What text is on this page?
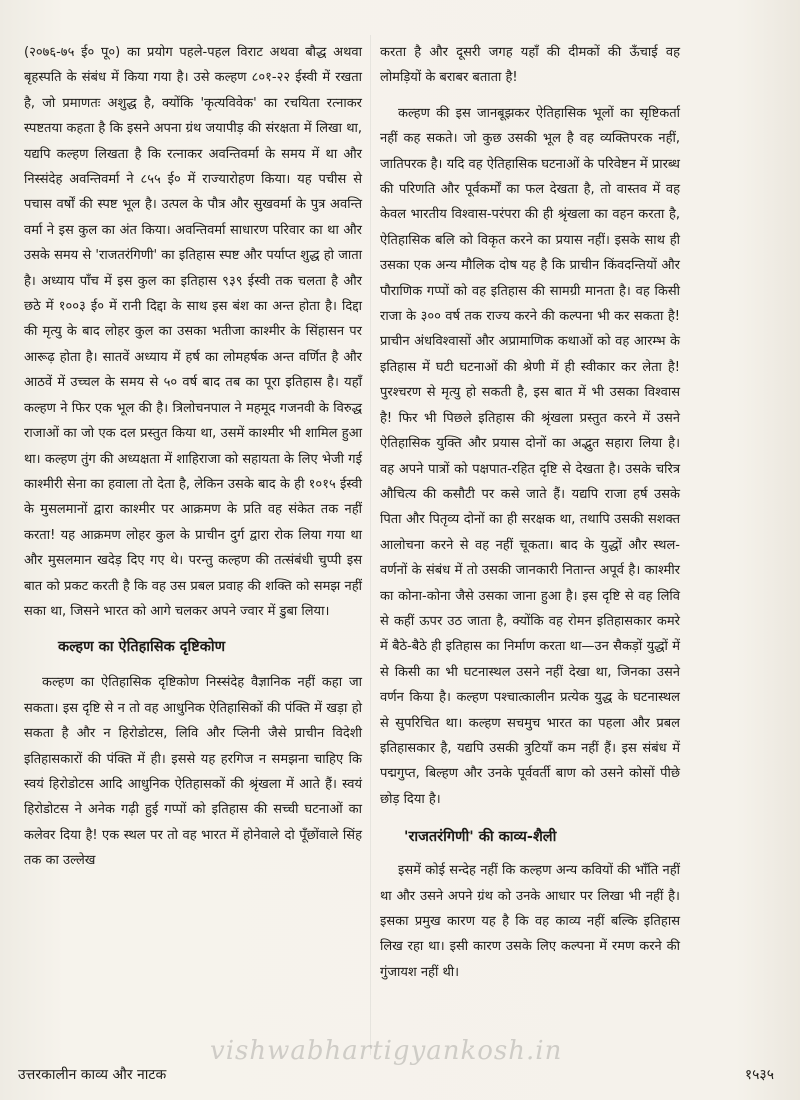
(२०७६-७५ ई० पू०) का प्रयोग पहले-पहल विराट अथवा बौद्ध अथवा बृहस्पति के संबंध में किया गया है। उसे कल्हण ८०१-२२ ईस्वी में रखता है, जो प्रमाणतः अशुद्ध है, क्योंकि 'कृत्यविवेक' का रचयिता रत्नाकर स्पष्टतया कहता है कि इसने अपना ग्रंथ जयापीड़ की संरक्षता में लिखा था, यद्यपि कल्हण लिखता है कि रत्नाकर अवन्तिवर्मा के समय में था और निस्संदेह अवन्तिवर्मा ने ८५५ ई० में राज्यारोहण किया। यह पचीस से पचास वर्षों की स्पष्ट भूल है। उत्पल के पौत्र और सुखवर्मा के पुत्र अवन्ति वर्मा ने इस कुल का अंत किया। अवन्तिवर्मा साधारण परिवार का था और उसके समय से 'राजतरंगिणी' का इतिहास स्पष्ट और पर्याप्त शुद्ध हो जाता है। अध्याय पाँच में इस कुल का इतिहास ९३९ ईस्वी तक चलता है और छठे में १००३ ई० में रानी दिद्दा के साथ इस बंश का अन्त होता है। दिद्दा की मृत्यु के बाद लोहर कुल का उसका भतीजा काश्मीर के सिंहासन पर आरूढ़ होता है। सातवें अध्याय में हर्ष का लोमहर्षक अन्त वर्णित है और आठवें में उच्चल के समय से ५० वर्ष बाद तब का पूरा इतिहास है। यहाँ कल्हण ने फिर एक भूल की है। त्रिलोचनपाल ने महमूद गजनवी के विरुद्ध राजाओं का जो एक दल प्रस्तुत किया था, उसमें काश्मीर भी शामिल हुआ था। कल्हण तुंग की अध्यक्षता में शाहिराजा को सहायता के लिए भेजी गई काश्मीरी सेना का हवाला तो देता है, लेकिन उसके बाद के ही १०१५ ईस्वी के मुसलमानों द्वारा काश्मीर पर आक्रमण के प्रति वह संकेत तक नहीं करता! यह आक्रमण लोहर कुल के प्राचीन दुर्ग द्वारा रोक लिया गया था और मुसलमान खदेड़ दिए गए थे। परन्तु कल्हण की तत्संबंधी चुप्पी इस बात को प्रकट करती है कि वह उस प्रबल प्रवाह की शक्ति को समझ नहीं सका था, जिसने भारत को आगे चलकर अपने ज्वार में डुबा लिया।

कल्हण का ऐतिहासिक दृष्टिकोण

कल्हण का ऐतिहासिक दृष्टिकोण निस्संदेह वैज्ञानिक नहीं कहा जा सकता। इस दृष्टि से न तो वह आधुनिक ऐतिहासिकों की पंक्ति में खड़ा हो सकता है और न हिरोडोटस, लिवि और प्लिनी जैसे प्राचीन विदेशी इतिहासकारों की पंक्ति में ही। इससे यह हरगिज न समझना चाहिए कि स्वयं हिरोडोटस आदि आधुनिक ऐतिहासकों की श्रृंखला में आते हैं। स्वयं हिरोडोटस ने अनेक गढ़ी हुई गप्पों को इतिहास की सच्ची घटनाओं का कलेवर दिया है! एक स्थल पर तो वह भारत में होनेवाले दो पूँछोंवाले सिंह तक का उल्लेख

करता है और दूसरी जगह यहाँ की दीमकों की ऊँचाई वह लोमड़ियों के बराबर बताता है!

कल्हण की इस जानबूझकर ऐतिहासिक भूलों का सृष्टिकर्ता नहीं कह सकते। जो कुछ उसकी भूल है वह व्यक्तिपरक नहीं, जातिपरक है। यदि वह ऐतिहासिक घटनाओं के परिवेष्टन में प्रारब्ध की परिणति और पूर्वकर्मों का फल देखता है, तो वास्तव में वह केवल भारतीय विश्वास-परंपरा की ही श्रृंखला का वहन करता है, ऐतिहासिक बलि को विकृत करने का प्रयास नहीं। इसके साथ ही उसका एक अन्य मौलिक दोष यह है कि प्राचीन किंवदन्तियों और पौराणिक गप्पों को वह इतिहास की सामग्री मानता है। वह किसी राजा के ३०० वर्ष तक राज्य करने की कल्पना भी कर सकता है! प्राचीन अंधविश्वासों और अप्रामाणिक कथाओं को वह आरम्भ के इतिहास में घटी घटनाओं की श्रेणी में ही स्वीकार कर लेता है! पुरश्चरण से मृत्यु हो सकती है, इस बात में भी उसका विश्वास है! फिर भी पिछले इतिहास की श्रृंखला प्रस्तुत करने में उसने ऐतिहासिक युक्ति और प्रयास दोनों का अद्भुत सहारा लिया है। वह अपने पात्रों को पक्षपात-रहित दृष्टि से देखता है। उसके चरित्र औचित्य की कसौटी पर कसे जाते हैं। यद्यपि राजा हर्ष उसके पिता और पितृव्य दोनों का ही सरक्षक था, तथापि उसकी सशक्त आलोचना करने से वह नहीं चूकता। बाद के युद्धों और स्थल-वर्णनों के संबंध में तो उसकी जानकारी नितान्त अपूर्व है। काश्मीर का कोना-कोना जैसे उसका जाना हुआ है। इस दृष्टि से वह लिवि से कहीं ऊपर उठ जाता है, क्योंकि वह रोमन इतिहासकार कमरे में बैठे-बैठे ही इतिहास का निर्माण करता था—उन सैकड़ों युद्धों में से किसी का भी घटनास्थल उसने नहीं देखा था, जिनका उसने वर्णन किया है। कल्हण पश्चात्कालीन प्रत्येक युद्ध के घटनास्थल से सुपरिचित था। कल्हण सचमुच भारत का पहला और प्रबल इतिहासकार है, यद्यपि उसकी त्रुटियाँ कम नहीं हैं। इस संबंध में पद्मगुप्त, बिल्हण और उनके पूर्ववर्ती बाण को उसने कोसों पीछे छोड़ दिया है।

'राजतरंगिणी' की काव्य-शैली

इसमें कोई सन्देह नहीं कि कल्हण अन्य कवियों की भाँति नहीं था और उसने अपने ग्रंथ को उनके आधार पर लिखा भी नहीं है। इसका प्रमुख कारण यह है कि वह काव्य नहीं बल्कि इतिहास लिख रहा था। इसी कारण उसके लिए कल्पना में रमण करने की गुंजायश नहीं थी।

vishwabhartigyankosh.in
उत्तरकालीन काव्य और नाटक	१५३५
